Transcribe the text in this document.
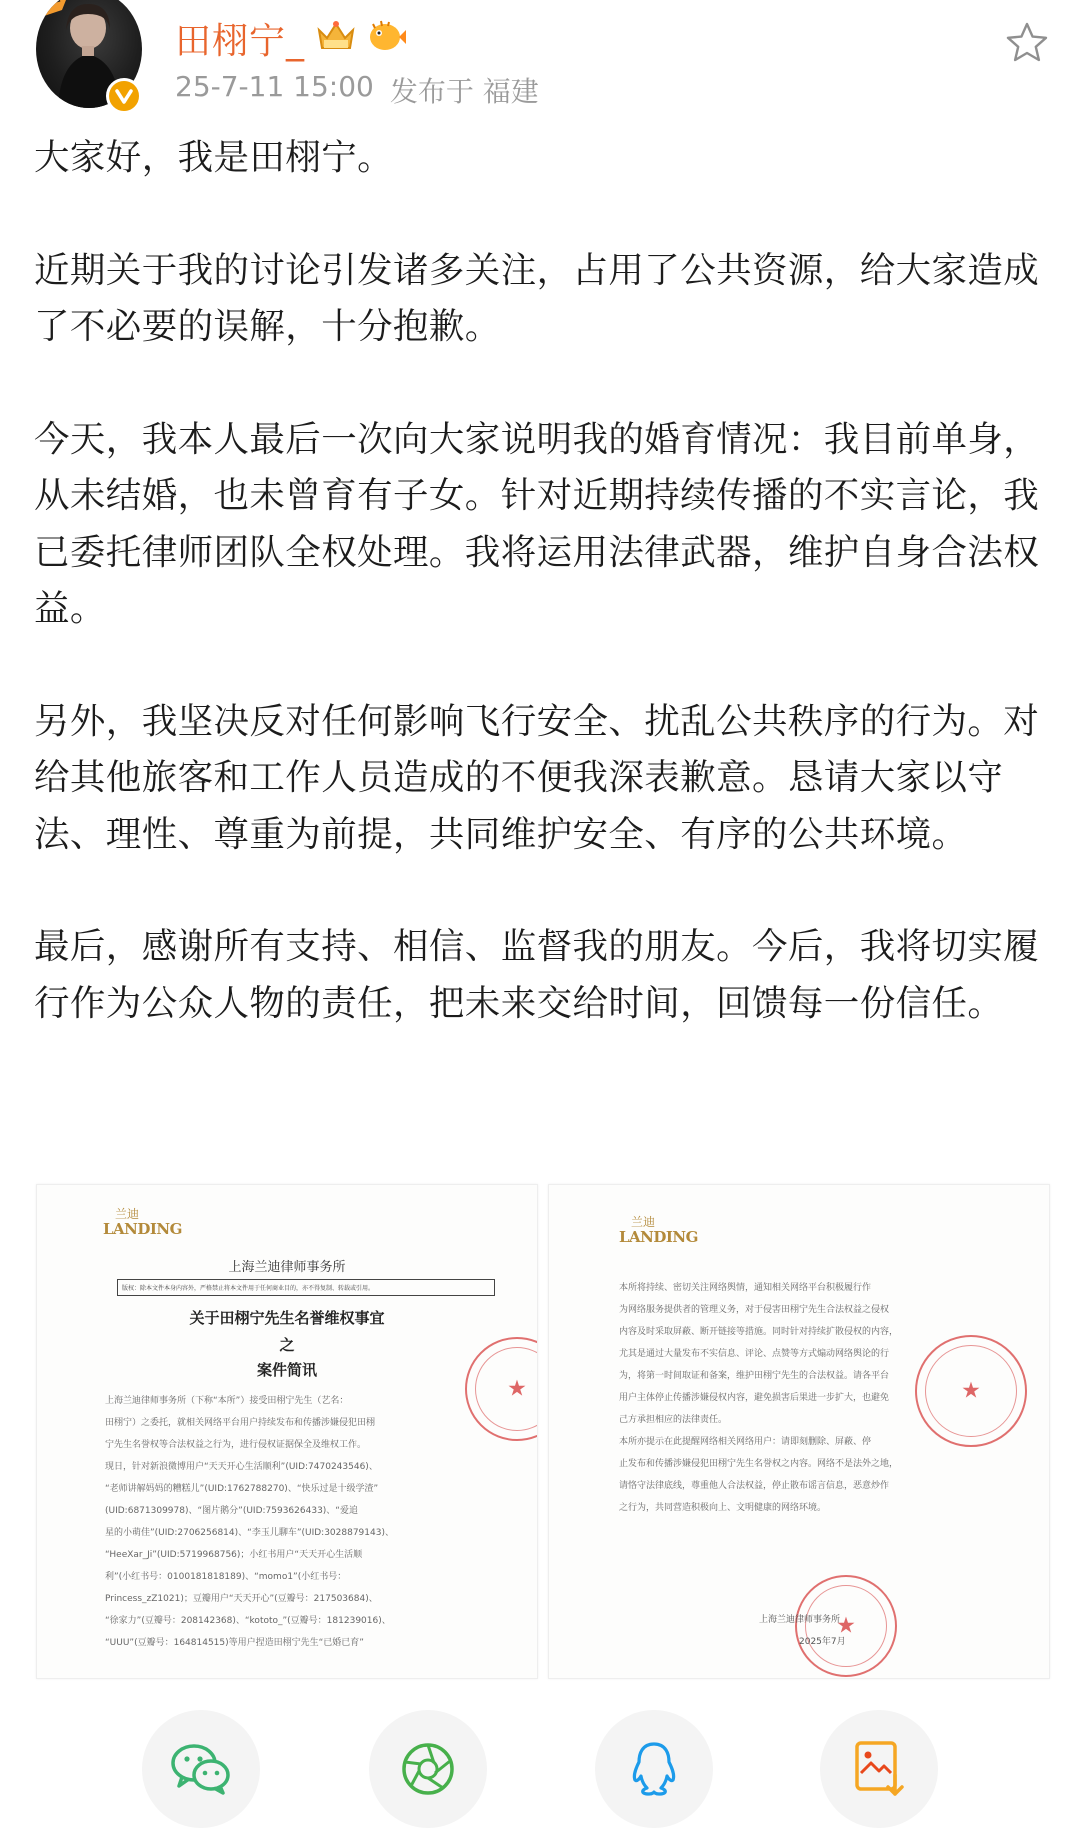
田栩宁_
25-7-11 15:00 发布于 福建

大家好，我是田栩宁。

近期关于我的讨论引发诸多关注，占用了公共资源，给大家造成了不必要的误解，十分抱歉。

今天，我本人最后一次向大家说明我的婚育情况：我目前单身，从未结婚，也未曾育有子女。针对近期持续传播的不实言论，我已委托律师团队全权处理。我将运用法律武器，维护自身合法权益。

另外，我坚决反对任何影响飞行安全、扰乱公共秩序的行为。对给其他旅客和工作人员造成的不便我深表歉意。恳请大家以守法、理性、尊重为前提，共同维护安全、有序的公共环境。

最后，感谢所有支持、相信、监督我的朋友。今后，我将切实履行作为公众人物的责任，把未来交给时间，回馈每一份信任。

兰迪
LANDING
上海兰迪律师事务所
版权：除本文件本身内容外，严格禁止将本文件用于任何商业目的，亦不得复制、转载或引用。
关于田栩宁先生名誉维权事宜
之
案件简讯
上海兰迪律师事务所（下称“本所”）接受田栩宁先生（艺名：
田栩宁）之委托，就相关网络平台用户持续发布和传播涉嫌侵犯田栩
宁先生名誉权等合法权益之行为，进行侵权证据保全及维权工作。
现日，针对新浪微博用户“天天开心生活顺利”(UID:7470243546)、
“老师讲解妈妈的糟糕儿”(UID:1762788270)、“快乐过是十级学渣”
(UID:6871309978)、“图片鹅分”(UID:7593626433)、“爱追
星的小萌佳”(UID:2706256814)、“李玉儿聊车”(UID:3028879143)、
“HeeXar_Ji”(UID:5719968756)；小红书用户“天天开心生活顺
利”(小红书号：0100181818189)、“momo1”(小红书号：
Princess_zZ1021)；豆瓣用户“天天开心”(豆瓣号：217503684)、
“徐家力”(豆瓣号：208142368)、“kototo_”(豆瓣号：181239016)、
“UUU”(豆瓣号：164814515)等用户捏造田栩宁先生“已婚已育”
★
兰迪
LANDING
本所将持续、密切关注网络舆情，通知相关网络平台积极履行作
为网络服务提供者的管理义务，对于侵害田栩宁先生合法权益之侵权
内容及时采取屏蔽、断开链接等措施。同时针对持续扩散侵权的内容，
尤其是通过大量发布不实信息、评论、点赞等方式煽动网络舆论的行
为，将第一时间取证和备案，维护田栩宁先生的合法权益。请各平台
用户主体停止传播涉嫌侵权内容，避免损害后果进一步扩大，也避免
己方承担相应的法律责任。
本所亦提示在此提醒网络相关网络用户：请即刻删除、屏蔽、停
止发布和传播涉嫌侵犯田栩宁先生名誉权之内容。网络不是法外之地，
请恪守法律底线，尊重他人合法权益，停止散布谣言信息，恶意炒作
之行为，共同营造积极向上、文明健康的网络环境。
★
★
上海兰迪律师事务所
2025年7月
